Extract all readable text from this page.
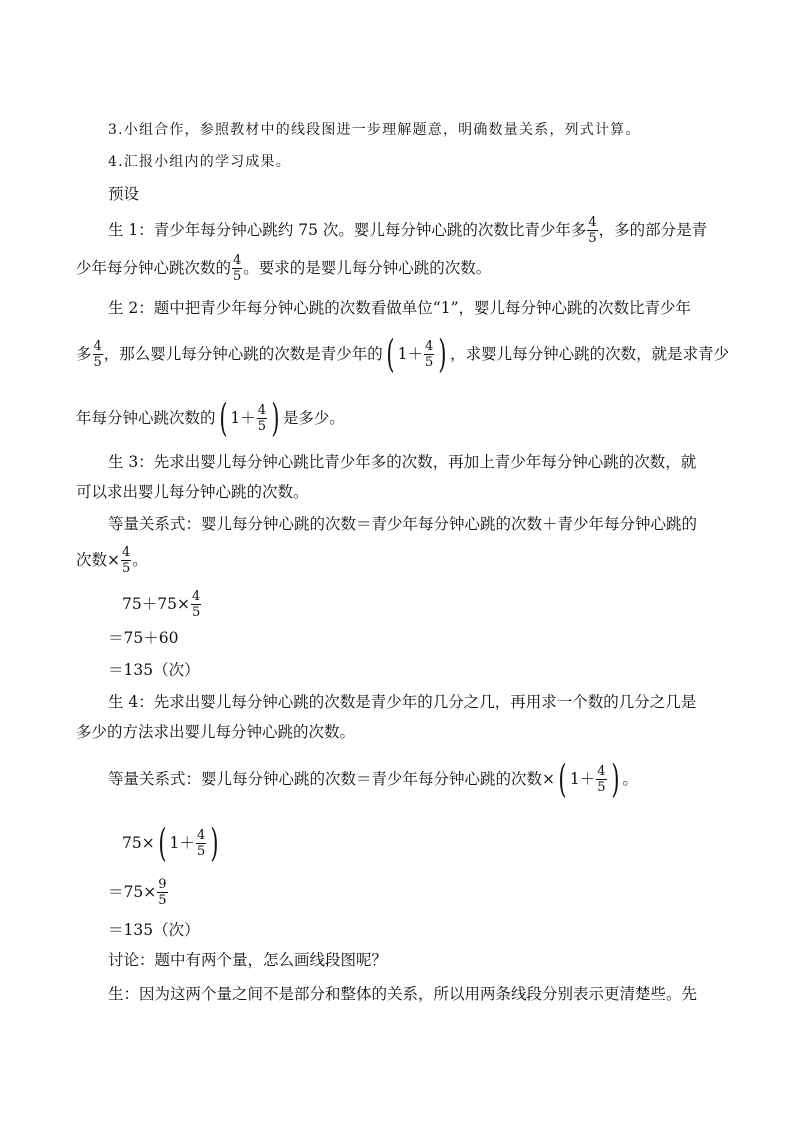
3.小组合作，参照教材中的线段图进一步理解题意，明确数量关系，列式计算。
4.汇报小组内的学习成果。
预设
生 1：青少年每分钟心跳约 75 次。婴儿每分钟心跳的次数比青少年多 $\frac{4}{5}$ ，多的部分是青
少年每分钟心跳次数的 $\frac{4}{5}$ 。要求的是婴儿每分钟心跳的次数。
生 2：题中把青少年每分钟心跳的次数看做单位“1”，婴儿每分钟心跳的次数比青少年
多 $\frac{4}{5}$ ，那么婴儿每分钟心跳的次数是青少年的 ( $1 + \frac{4}{5}$ ) ，求婴儿每分钟心跳的次数，就是求青少
年每分钟心跳次数的 ( $1 + \frac{4}{5}$ ) 是多少。
生 3：先求出婴儿每分钟心跳比青少年多的次数，再加上青少年每分钟心跳的次数，就
可以求出婴儿每分钟心跳的次数。
等量关系式：婴儿每分钟心跳的次数＝青少年每分钟心跳的次数＋青少年每分钟心跳的
次数× $\frac{4}{5}$ 。
$75+75\times \frac{4}{5}$
＝75＋60
＝135（次）
生 4：先求出婴儿每分钟心跳的次数是青少年的几分之几，再用求一个数的几分之几是
多少的方法求出婴儿每分钟心跳的次数。
等量关系式：婴儿每分钟心跳的次数＝青少年每分钟心跳的次数× ( $1 + \frac{4}{5}$ ) 。
75× ( $1 + \frac{4}{5}$ )
$=75\times \frac{9}{5}$
＝135（次）
讨论：题中有两个量，怎么画线段图呢？
生：因为这两个量之间不是部分和整体的关系，所以用两条线段分别表示更清楚些。先
